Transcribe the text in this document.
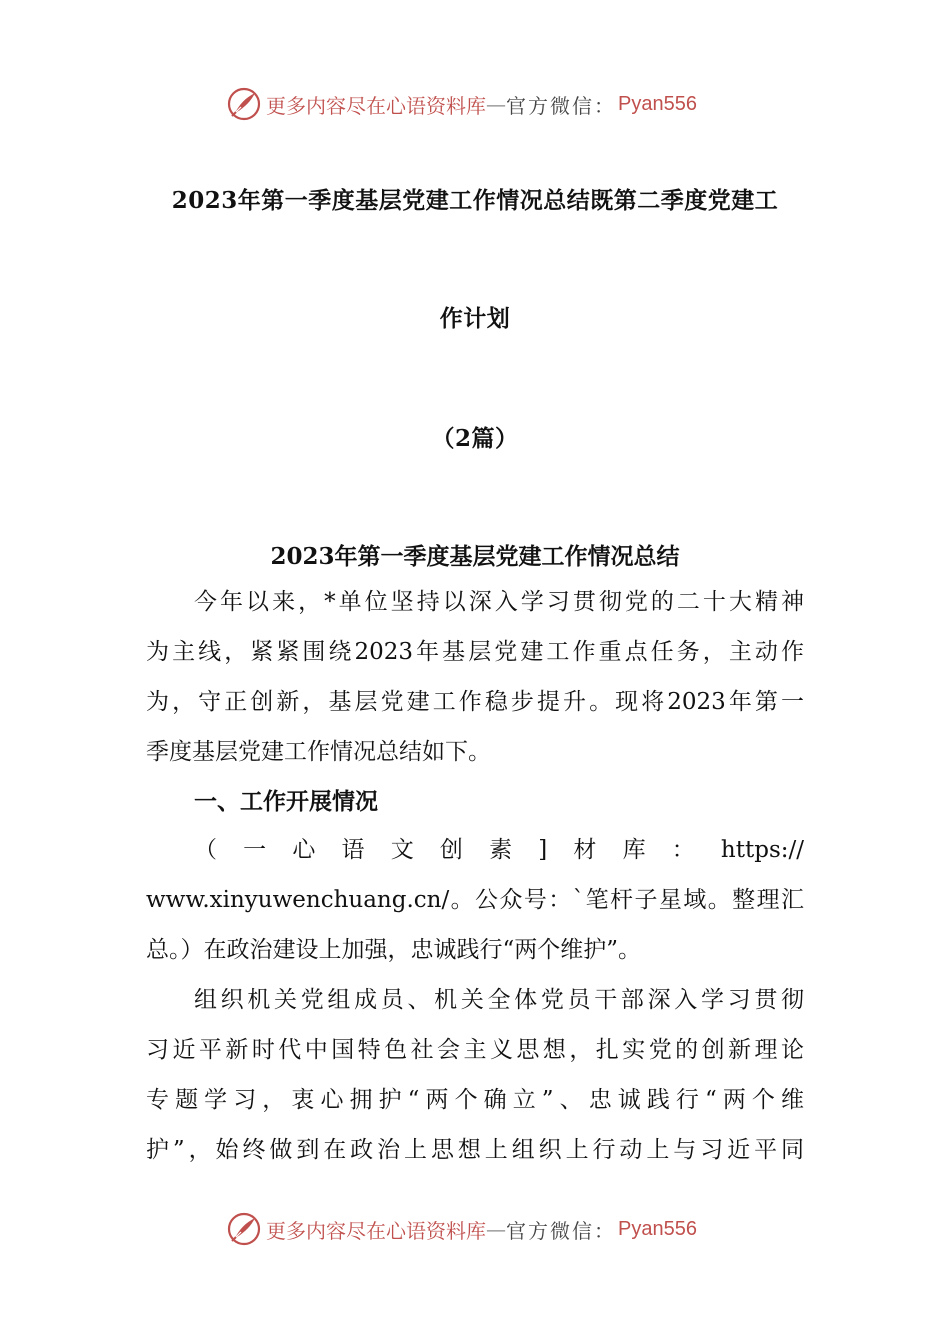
更多内容尽在心语资料库 — 官方微信： Pyan556
2023年第一季度基层党建工作情况总结既第二季度党建工
作计划
（2篇）
2023年第一季度基层党建工作情况总结
今年以来，*单位坚持以深入学习贯彻党的二十大精神
为主线，紧紧围绕2023年基层党建工作重点任务，主动作
为，守正创新，基层党建工作稳步提升。现将2023年第一
季度基层党建工作情况总结如下。
一、工作开展情况
（一心语文创素]材库：https://
www.xinyuwenchuang.cn/。公众号：`笔杆子星域。整理汇
总。）在政治建设上加强，忠诚践行“两个维护”。
组织机关党组成员、机关全体党员干部深入学习贯彻
习近平新时代中国特色社会主义思想，扎实党的创新理论
专题学习，衷心拥护“两个确立”、忠诚践行“两个维
护”，始终做到在政治上思想上组织上行动上与习近平同
更多内容尽在心语资料库 — 官方微信： Pyan556
